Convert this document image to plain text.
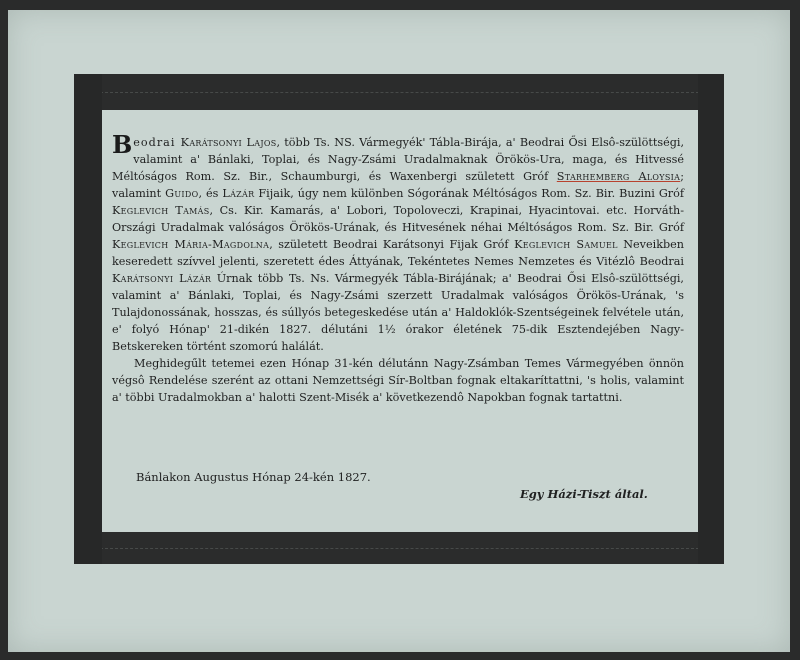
Beodrai Karátsonyi Lajos, több Ts. NS. Vármegyék' Tábla-Birája, a' Beodrai Ősi Elsô-szülöttségi, valamint a' Bánlaki, Toplai, és Nagy-Zsámi Uradalmaknak Örökös-Ura, maga, és Hitvessé Méltóságos Rom. Sz. Bir., Schaumburgi, és Waxenbergi született Gróf Starhemberg Aloysia; valamint Guido, és Lázár Fijaik, úgy nem különben Sógorának Méltóságos Rom. Sz. Bir. Buzini Gróf Keglevich Tamás, Cs. Kir. Kamarás, a' Lobori, Topoloveczi, Krapinai, Hyacintovai. etc. Horváth-Országi Uradalmak valóságos Örökös-Urának, és Hitvesének néhai Méltóságos Rom. Sz. Bir. Gróf Keglevich Mária-Magdolna, született Beodrai Karátsonyi Fijak Gróf Keglevich Samuel Neveikben keseredett szívvel jelenti, szeretett édes Áttyának, Tekéntetes Nemes Nemzetes és Vitézlô Beodrai Karátsonyi Lázár Úrnak több Ts. Ns. Vármegyék Tábla-Birájának; a' Beodrai Ősi Elsô-szülöttségi, valamint a' Bánlaki, Toplai, és Nagy-Zsámi szerzett Uradalmak valóságos Örökös-Urának, 's Tulajdonossának, hosszas, és súllyós betegeskedése után a' Haldoklók-Szentségeinek felvétele után, e' folyó Hónap' 21-dikén 1827. délutáni 1½ órakor életének 75-dik Esztendejében Nagy-Betskereken történt szomorú halálát.

Meghidegűlt tetemei ezen Hónap 31-kén délutánn Nagy-Zsámban Temes Vármegyében önnön végsô Rendelése szerént az ottani Nemzettségi Sír-Boltban fognak eltakaríttattni, 's holis, valamint a' többi Uradalmokban a' halotti Szent-Misék a' következendô Napokban fognak tartattni.

Bánlakon Augustus Hónap 24-kén 1827.
Egy Házi-Tiszt által.
